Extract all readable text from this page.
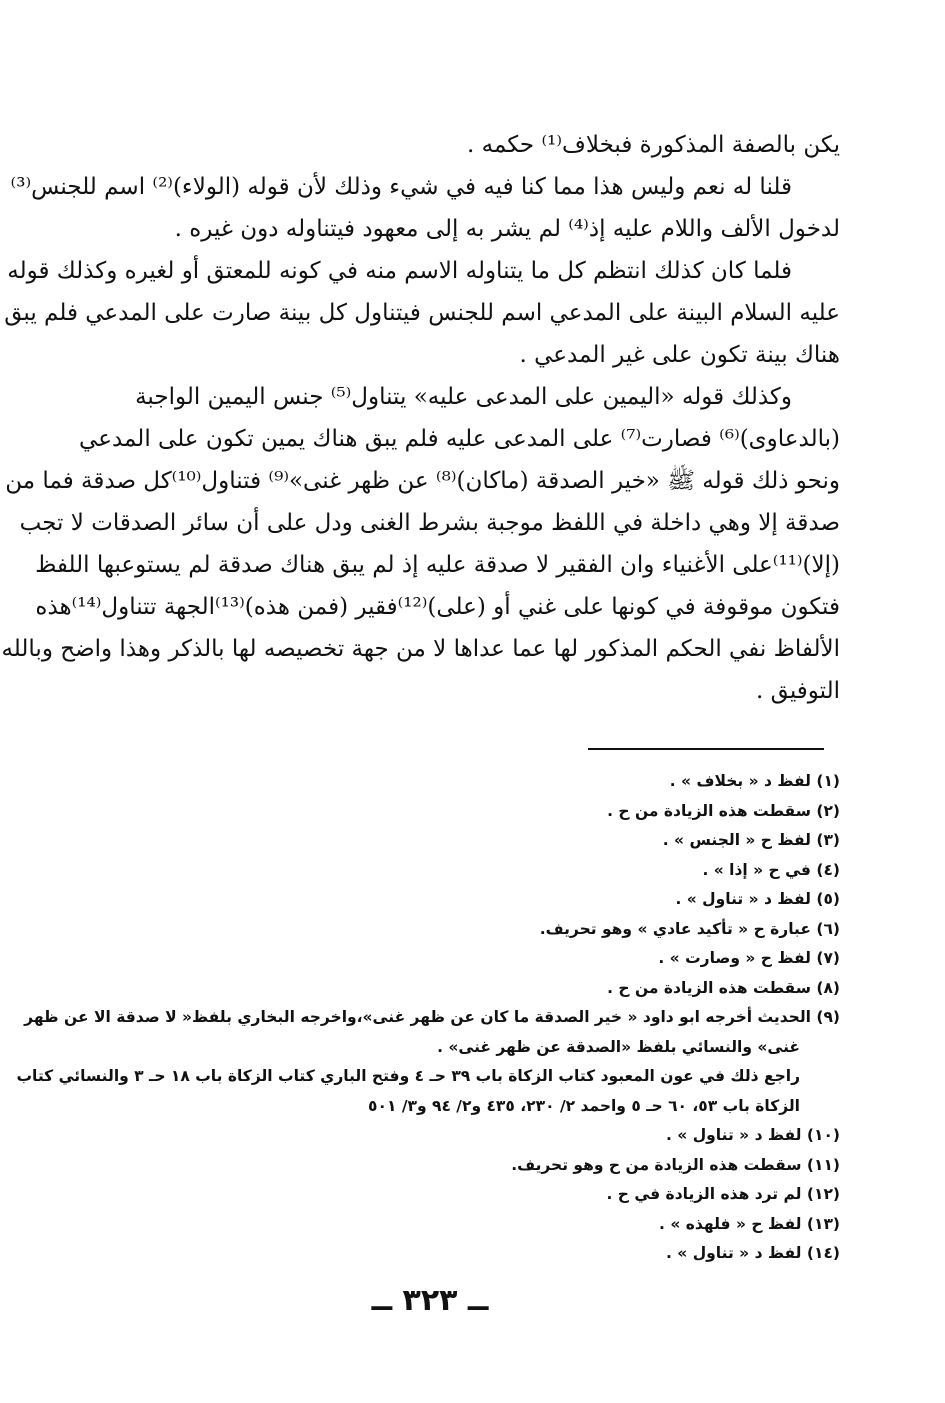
يكن بالصفة المذكورة فبخلاف⁽¹⁾ حكمه .
قلنا له نعم وليس هذا مما كنا فيه في شيء وذلك لأن قوله (الولاء)⁽²⁾ اسم للجنس⁽³⁾
لدخول الألف واللام عليه إذ⁽⁴⁾ لم يشر به إلى معهود فيتناوله دون غيره .
فلما كان كذلك انتظم كل ما يتناوله الاسم منه في كونه للمعتق أو لغيره وكذلك قوله
عليه السلام البينة على المدعي اسم للجنس فيتناول كل بينة صارت على المدعي فلم يبق
هناك بينة تكون على غير المدعي .
وكذلك قوله «اليمين على المدعى عليه» يتناول⁽⁵⁾ جنس اليمين الواجبة
(بالدعاوى)⁽⁶⁾ فصارت⁽⁷⁾ على المدعى عليه فلم يبق هناك يمين تكون على المدعي
ونحو ذلك قوله ﷺ «خير الصدقة (ماكان)⁽⁸⁾ عن ظهر غنى»⁽⁹⁾ فتناول⁽¹⁰⁾كل صدقة فما من
صدقة إلا وهي داخلة في اللفظ موجبة بشرط الغنى ودل على أن سائر الصدقات لا تجب
(إلا)⁽¹¹⁾على الأغنياء وان الفقير لا صدقة عليه إذ لم يبق هناك صدقة لم يستوعبها اللفظ
فتكون موقوفة في كونها على غني أو (على)⁽¹²⁾فقير (فمن هذه)⁽¹³⁾الجهة تتناول⁽¹⁴⁾هذه
الألفاظ نفي الحكم المذكور لها عما عداها لا من جهة تخصيصه لها بالذكر وهذا واضح وبالله
التوفيق .
(١) لفظ د « بخلاف » .
(٢) سقطت هذه الزيادة من ح .
(٣) لفظ ح « الجنس » .
(٤) في ح « إذا » .
(٥) لفظ د « تناول » .
(٦) عبارة ح « تأكيد عادي » وهو تحريف.
(٧) لفظ ح « وصارت » .
(٨) سقطت هذه الزيادة من ح .
(٩) الحديث أخرجه ابو داود « خير الصدقة ما كان عن ظهر غنى»،واخرجه البخاري بلفظ« لا صدقة الا عن ظهر
غنى» والنسائي بلفظ «الصدقة عن ظهر غنى» .
راجع ذلك في عون المعبود كتاب الزكاة باب ٣٩ حـ ٤ وفتح الباري كتاب الزكاة باب ١٨ حـ ٣ والنسائي كتاب
الزكاة باب ٥٣، ٦٠ حـ ٥ واحمد ٢/ ٢٣٠، ٤٣٥ و٢/ ٩٤ و٣/ ٥٠١
(١٠) لفظ د « تناول » .
(١١) سقطت هذه الزيادة من ح وهو تحريف.
(١٢) لم ترد هذه الزيادة في ح .
(١٣) لفظ ح « فلهذه » .
(١٤) لفظ د « تناول » .
ــ ٣٢٣ ــ
